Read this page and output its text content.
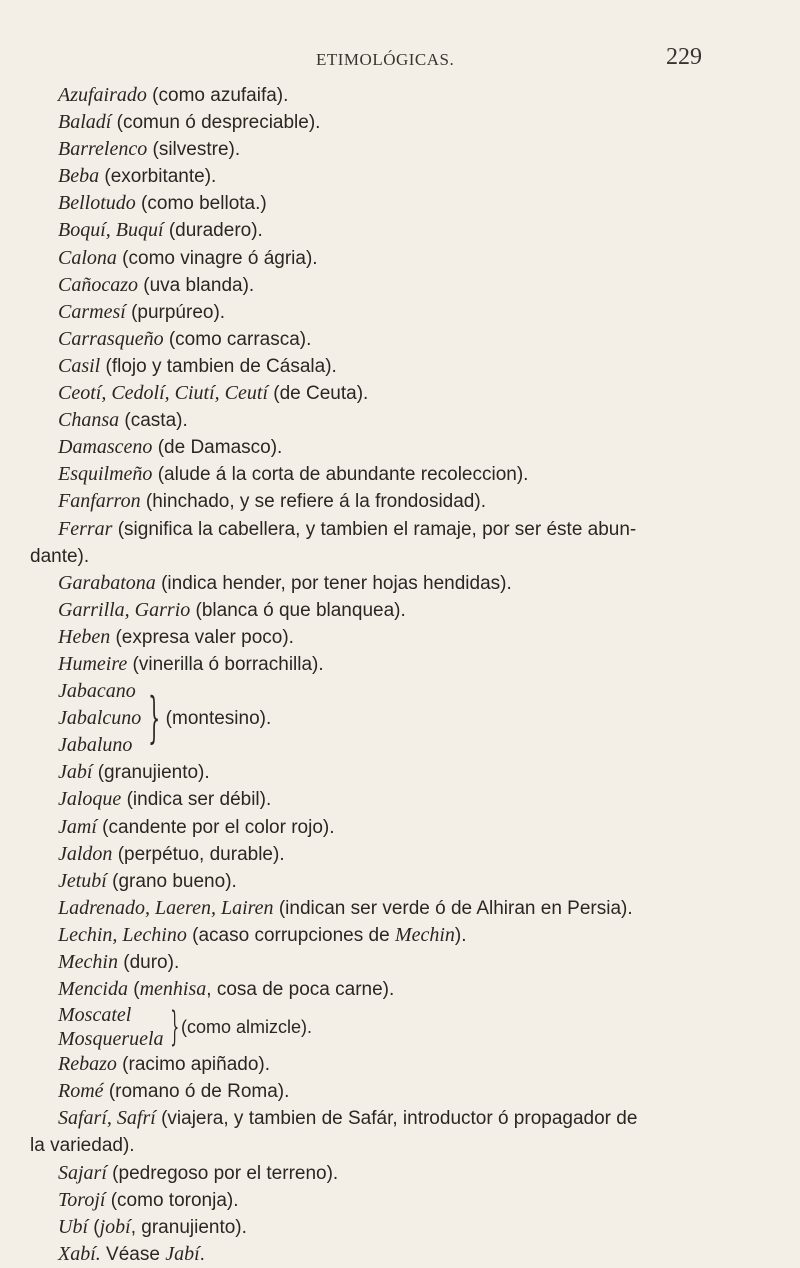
ETIMOLÓGICAS.	229
Azufairado (como azufaifa).
Baladí (comun ó despreciable).
Barrelenco (silvestre).
Beba (exorbitante).
Bellotudo (como bellota.)
Boquí, Buquí (duradero).
Calona (como vinagre ó ágria).
Cañocazo (uva blanda).
Carmesí (purpúreo).
Carrasqueño (como carrasca).
Casil (flojo y tambien de Cásala).
Ceotí, Cedolí, Ciutí, Ceutí (de Ceuta).
Chansa (casta).
Damasceno (de Damasco).
Esquilmeño (alude á la corta de abundante recoleccion).
Fanfarron (hinchado, y se refiere á la frondosidad).
Ferrar (significa la cabellera, y tambien el ramaje, por ser éste abun-
dante).
Garabatona (indica hender, por tener hojas hendidas).
Garrilla, Garrio (blanca ó que blanquea).
Heben (expresa valer poco).
Humeire (vinerilla ó borrachilla).
Jabacano
Jabalcuno
Jabaluno } (montesino).
Jabí (granujiento).
Jaloque (indica ser débil).
Jamí (candente por el color rojo).
Jaldon (perpétuo, durable).
Jetubí (grano bueno).
Ladrenado, Laeren, Lairen (indican ser verde ó de Alhiran en Persia).
Lechin, Lechino (acaso corrupciones de Mechin).
Mechin (duro).
Mencida (menhisa, cosa de poca carne).
Moscatel
Mosqueruela } (como almizcle).
Rebazo (racimo apiñado).
Romé (romano ó de Roma).
Safarí, Safrí (viajera, y tambien de Safár, introductor ó propagador de
la variedad).
Sajarí (pedregoso por el terreno).
Torojí (como toronja).
Ubí (jobí, granujiento).
Xabí. Véase Jabí.
